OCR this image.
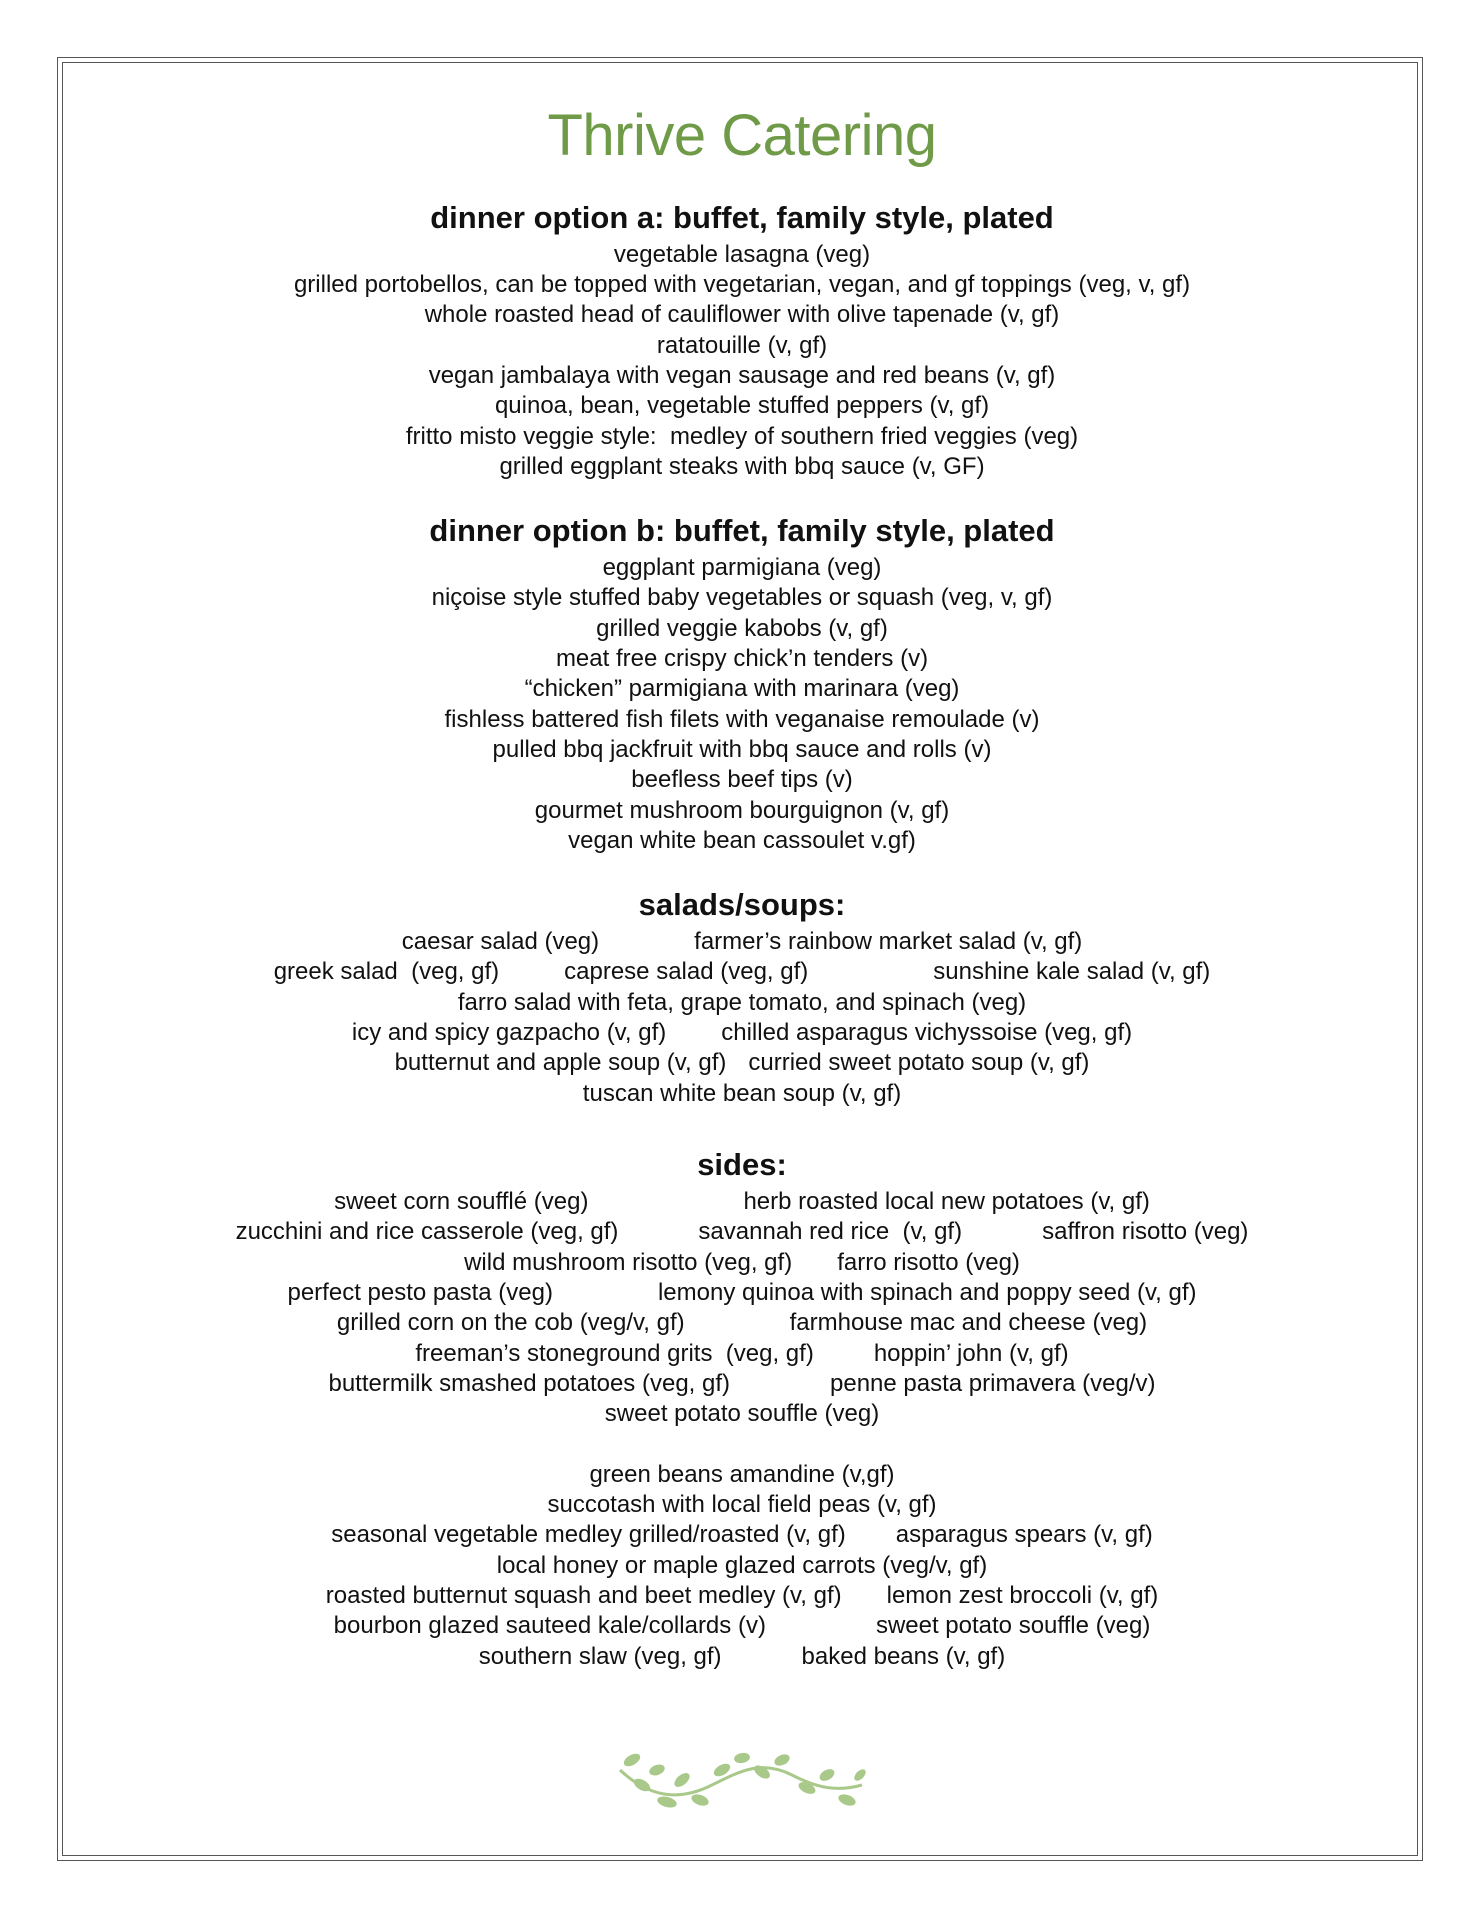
Thrive Catering
dinner option a: buffet, family style, plated
vegetable lasagna (veg)
grilled portobellos, can be topped with vegetarian, vegan, and gf toppings (veg, v, gf)
whole roasted head of cauliflower with olive tapenade (v, gf)
ratatouille (v, gf)
vegan jambalaya with vegan sausage and red beans (v, gf)
quinoa, bean, vegetable stuffed peppers (v, gf)
fritto misto veggie style:  medley of southern fried veggies (veg)
grilled eggplant steaks with bbq sauce (v, GF)
dinner option b: buffet, family style, plated
eggplant parmigiana (veg)
niçoise style stuffed baby vegetables or squash (veg, v, gf)
grilled veggie kabobs (v, gf)
meat free crispy chick’n tenders (v)
“chicken” parmigiana with marinara (veg)
fishless battered fish filets with veganaise remoulade (v)
pulled bbq jackfruit with bbq sauce and rolls (v)
beefless beef tips (v)
gourmet mushroom bourguignon (v, gf)
vegan white bean cassoulet v.gf)
salads/soups:
caesar salad (veg)	farmer’s rainbow market salad (v, gf)
greek salad  (veg, gf)	caprese salad (veg, gf)	sunshine kale salad (v, gf)
farro salad with feta, grape tomato, and spinach (veg)
icy and spicy gazpacho (v, gf) chilled asparagus vichyssoise (veg, gf)
butternut and apple soup (v, gf) curried sweet potato soup (v, gf)
tuscan white bean soup (v, gf)
sides:
sweet corn soufflé (veg)	herb roasted local new potatoes (v, gf)
zucchini and rice casserole (veg, gf)	savannah red rice  (v, gf)	saffron risotto (veg)
wild mushroom risotto (veg, gf) farro risotto (veg)
perfect pesto pasta (veg)	lemony quinoa with spinach and poppy seed (v, gf)
grilled corn on the cob (veg/v, gf)	farmhouse mac and cheese (veg)
freeman’s stoneground grits  (veg, gf)	hoppin’ john (v, gf)
buttermilk smashed potatoes (veg, gf)	penne pasta primavera (veg/v)
sweet potato souffle (veg)
green beans amandine (v,gf)
succotash with local field peas (v, gf)
seasonal vegetable medley grilled/roasted (v, gf) asparagus spears (v, gf)
local honey or maple glazed carrots (veg/v, gf)
roasted butternut squash and beet medley (v, gf) lemon zest broccoli (v, gf)
bourbon glazed sauteed kale/collards (v)	sweet potato souffle (veg)
southern slaw (veg, gf)	baked beans (v, gf)
